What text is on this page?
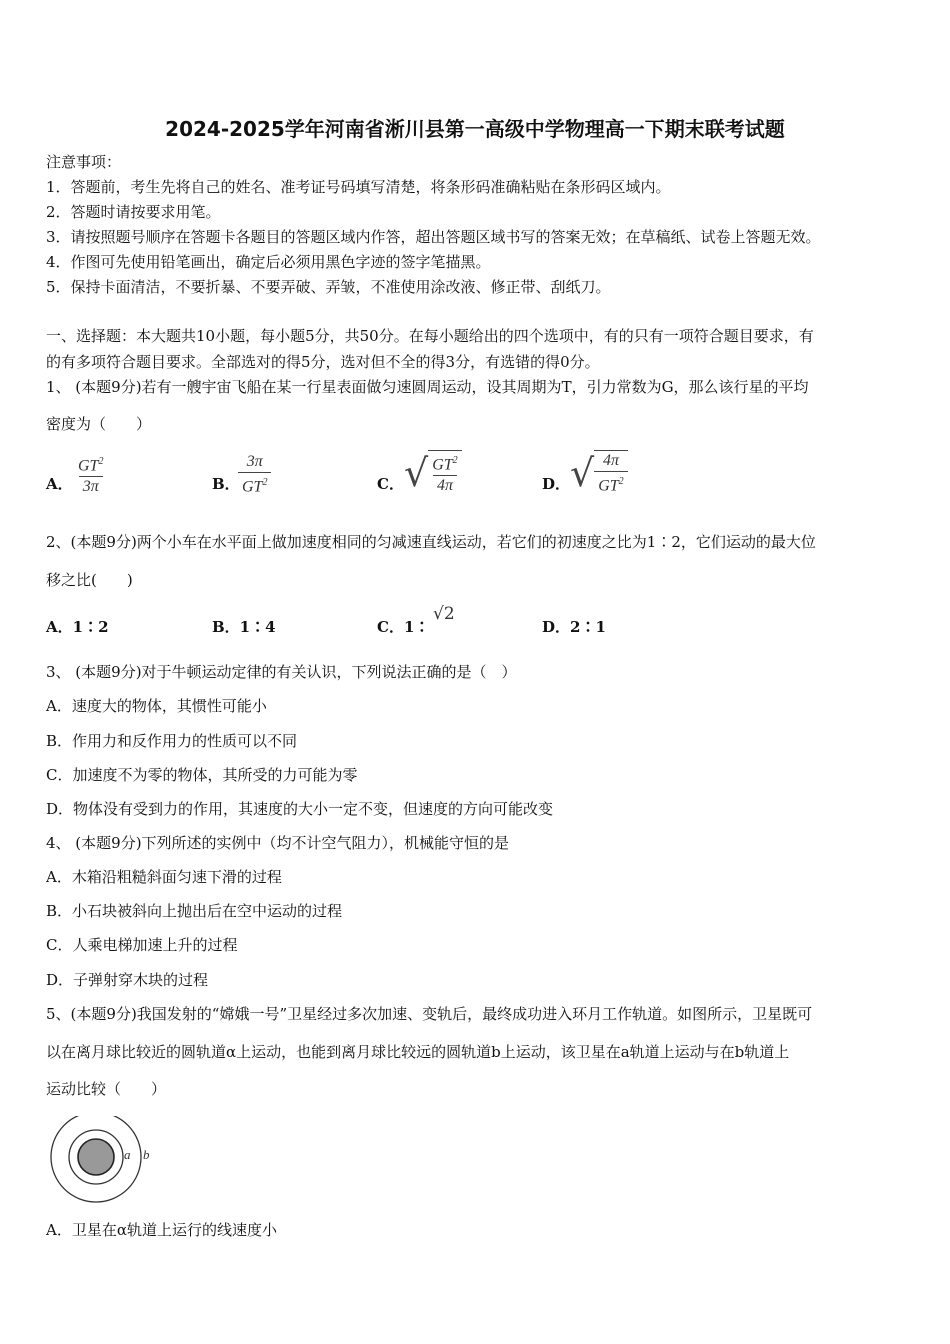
2024-2025学年河南省淅川县第一高级中学物理高一下期末联考试题
注意事项：
1．答题前，考生先将自己的姓名、准考证号码填写清楚，将条形码准确粘贴在条形码区域内。
2．答题时请按要求用笔。
3．请按照题号顺序在答题卡各题目的答题区域内作答，超出答题区域书写的答案无效；在草稿纸、试卷上答题无效。
4．作图可先使用铅笔画出，确定后必须用黑色字迹的签字笔描黑。
5．保持卡面清洁，不要折暴、不要弄破、弄皱，不准使用涂改液、修正带、刮纸刀。
一、选择题：本大题共10小题，每小题5分，共50分。在每小题给出的四个选项中，有的只有一项符合题目要求，有
的有多项符合题目要求。全部选对的得5分，选对但不全的得3分，有选错的得0分。
1、 (本题9分)若有一艘宇宙飞船在某一行星表面做匀速圆周运动，设其周期为T，引力常数为G，那么该行星的平均
密度为（　　）
A． $\frac{GT^2}{3\pi}$	B．
$\frac{3\pi}{GT^2}$	C． √ $\frac{GT^2}{4\pi}$	D． √ $\frac{4\pi}{GT^2}$
2、(本题9分)两个小车在水平面上做加速度相同的匀减速直线运动，若它们的初速度之比为1∶2，它们运动的最大位
移之比(　　)
A．1∶2	B．1∶4	C．1∶
√2
D．2∶1
3、 (本题9分)对于牛顿运动定律的有关认识，下列说法正确的是（　）
A．速度大的物体，其惯性可能小
B．作用力和反作用力的性质可以不同
C．加速度不为零的物体，其所受的力可能为零
D．物体没有受到力的作用，其速度的大小一定不变，但速度的方向可能改变
4、 (本题9分)下列所述的实例中（均不计空气阻力），机械能守恒的是
A．木箱沿粗糙斜面匀速下滑的过程
B．小石块被斜向上抛出后在空中运动的过程
C．人乘电梯加速上升的过程
D．子弹射穿木块的过程
5、(本题9分)我国发射的“嫦娥一号”卫星经过多次加速、变轨后，最终成功进入环月工作轨道。如图所示，卫星既可
以在离月球比较近的圆轨道α上运动，也能到离月球比较远的圆轨道b上运动，该卫星在a轨道上运动与在b轨道上
运动比较（　　）
a b
A．卫星在α轨道上运行的线速度小
